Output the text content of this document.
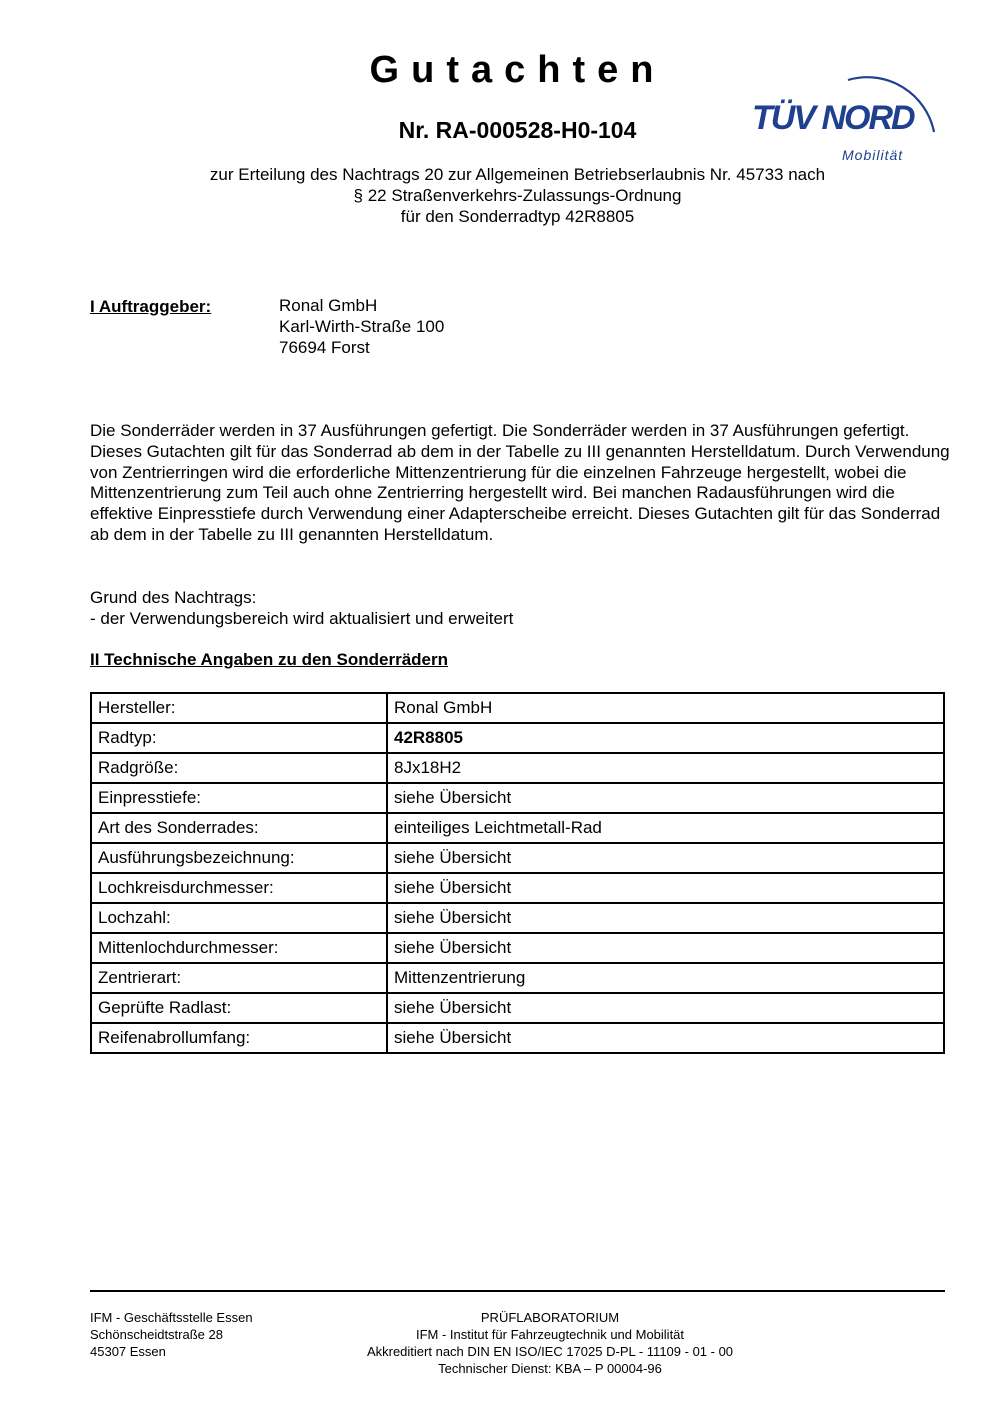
Gutachten
Nr. RA-000528-H0-104	TÜV NORD
Mobilität
zur Erteilung des Nachtrags 20 zur Allgemeinen Betriebserlaubnis Nr. 45733 nach
§ 22 Straßenverkehrs-Zulassungs-Ordnung
für den Sonderradtyp 42R8805
I Auftraggeber:	Ronal GmbH
Karl-Wirth-Straße 100
76694 Forst
Die Sonderräder werden in 37 Ausführungen gefertigt. Die Sonderräder werden in 37 Ausführungen gefertigt. Dieses Gutachten gilt für das Sonderrad ab dem in der Tabelle zu III genannten Herstelldatum. Durch Verwendung von Zentrierringen wird die erforderliche Mittenzentrierung für die einzelnen Fahrzeuge hergestellt, wobei die Mittenzentrierung zum Teil auch ohne Zentrierring hergestellt wird. Bei manchen Radausführungen wird die effektive Einpresstiefe durch Verwendung einer Adapterscheibe erreicht. Dieses Gutachten gilt für das Sonderrad ab dem in der Tabelle zu III genannten Herstelldatum.
Grund des Nachtrags:
- der Verwendungsbereich wird aktualisiert und erweitert
II Technische Angaben zu den Sonderrädern
Hersteller:	Ronal GmbH
Radtyp:	42R8805
Radgröße:	8Jx18H2
Einpresstiefe:	siehe Übersicht
Art des Sonderrades:	einteiliges Leichtmetall-Rad
Ausführungsbezeichnung:	siehe Übersicht
Lochkreisdurchmesser:	siehe Übersicht
Lochzahl:	siehe Übersicht
Mittenlochdurchmesser:	siehe Übersicht
Zentrierart:	Mittenzentrierung
Geprüfte Radlast:	siehe Übersicht
Reifenabrollumfang:	siehe Übersicht
IFM - Geschäftsstelle Essen
Schönscheidtstraße 28
45307 Essen
PRÜFLABORATORIUM
IFM - Institut für Fahrzeugtechnik und Mobilität
Akkreditiert nach DIN EN ISO/IEC 17025 D-PL - 11109 - 01 - 00
Technischer Dienst: KBA – P 00004-96
